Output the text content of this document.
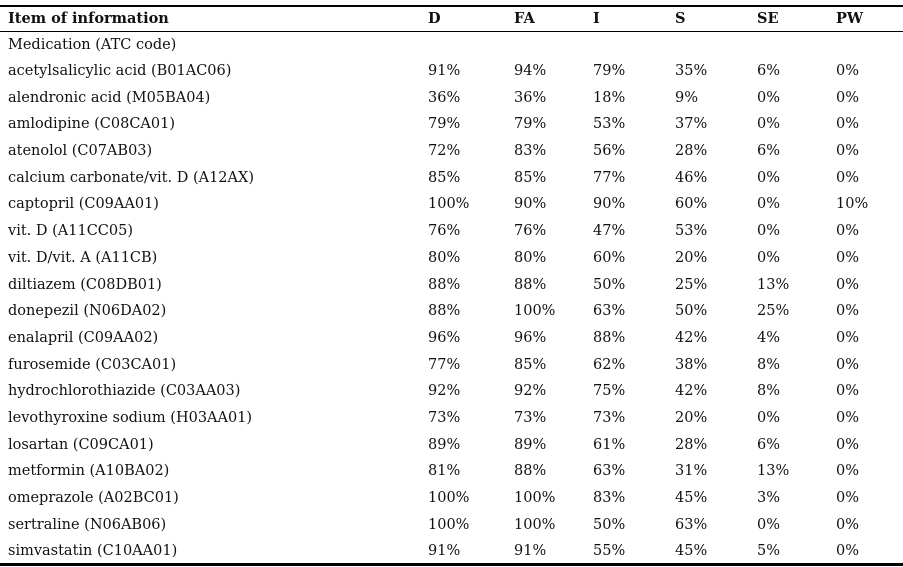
Item of information	D	FA	I	S	SE	PW
Medication (ATC code)
acetylsalicylic acid (B01AC06)	91%	94%	79%	35%	6%	0%
alendronic acid (M05BA04)	36%	36%	18%	9%	0%	0%
amlodipine (C08CA01)	79%	79%	53%	37%	0%	0%
atenolol (C07AB03)	72%	83%	56%	28%	6%	0%
calcium carbonate/vit. D (A12AX)	85%	85%	77%	46%	0%	0%
captopril (C09AA01)	100%	90%	90%	60%	0%	10%
vit. D (A11CC05)	76%	76%	47%	53%	0%	0%
vit. D/vit. A (A11CB)	80%	80%	60%	20%	0%	0%
diltiazem (C08DB01)	88%	88%	50%	25%	13%	0%
donepezil (N06DA02)	88%	100%	63%	50%	25%	0%
enalapril (C09AA02)	96%	96%	88%	42%	4%	0%
furosemide (C03CA01)	77%	85%	62%	38%	8%	0%
hydrochlorothiazide (C03AA03)	92%	92%	75%	42%	8%	0%
levothyroxine sodium (H03AA01)	73%	73%	73%	20%	0%	0%
losartan (C09CA01)	89%	89%	61%	28%	6%	0%
metformin (A10BA02)	81%	88%	63%	31%	13%	0%
omeprazole (A02BC01)	100%	100%	83%	45%	3%	0%
sertraline (N06AB06)	100%	100%	50%	63%	0%	0%
simvastatin (C10AA01)	91%	91%	55%	45%	5%	0%
